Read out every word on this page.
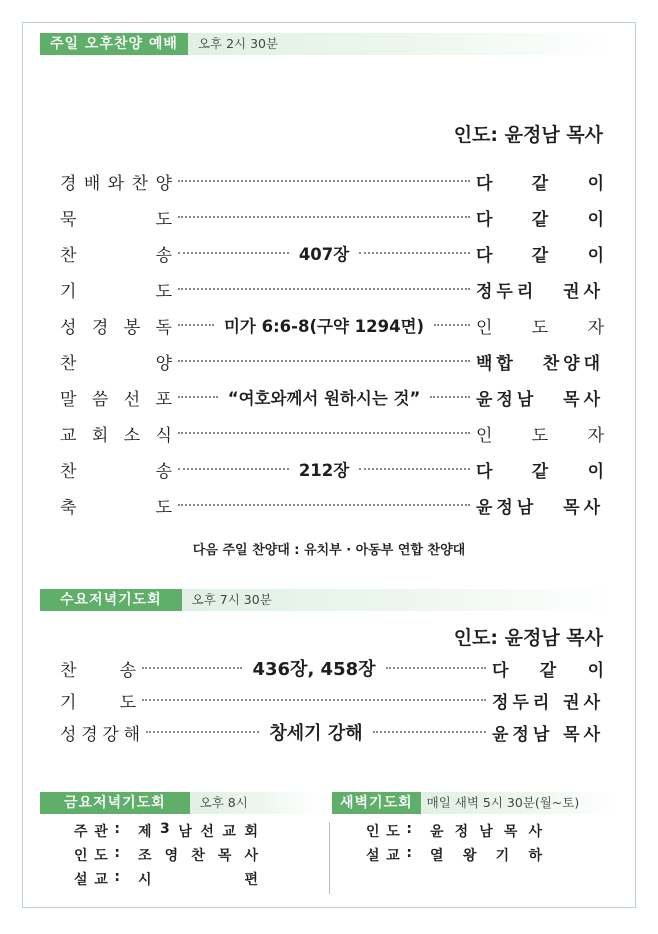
주일 오후찬양 예배	오후 2시 30분
인도: 윤정남 목사
경 배 와 찬 양	다 같 이
묵	도	다 같 이
찬	송	407장	다 같 이
기	도	정두리 권사
성 경 봉 독	미가 6:6-8(구약 1294면)	인 도 자
찬	양	백합 찬양대
말 씀 선 포	“여호와께서 원하시는 것”	윤정남 목사
교 회 소 식	인 도 자
찬	송	212장	다 같 이
축	도	윤정남 목사
다음 주일 찬양대 : 유치부 · 아동부 연합 찬양대
수요저녁기도회	오후 7시 30분
인도: 윤정남 목사
찬	송	436장, 458장	다 같 이
기	도	정두리 권사
성 경 강 해	창세기 강해	윤정남 목사
금요저녁기도회	오후 8시
주 관 : 제 3 남 선 교 회
인 도 : 조 영 찬 목 사
설 교 : 시	편
새벽기도회	매일 새벽 5시 30분(월~토)
인 도 : 윤 정 남 목 사
설 교 : 열 왕 기 하
